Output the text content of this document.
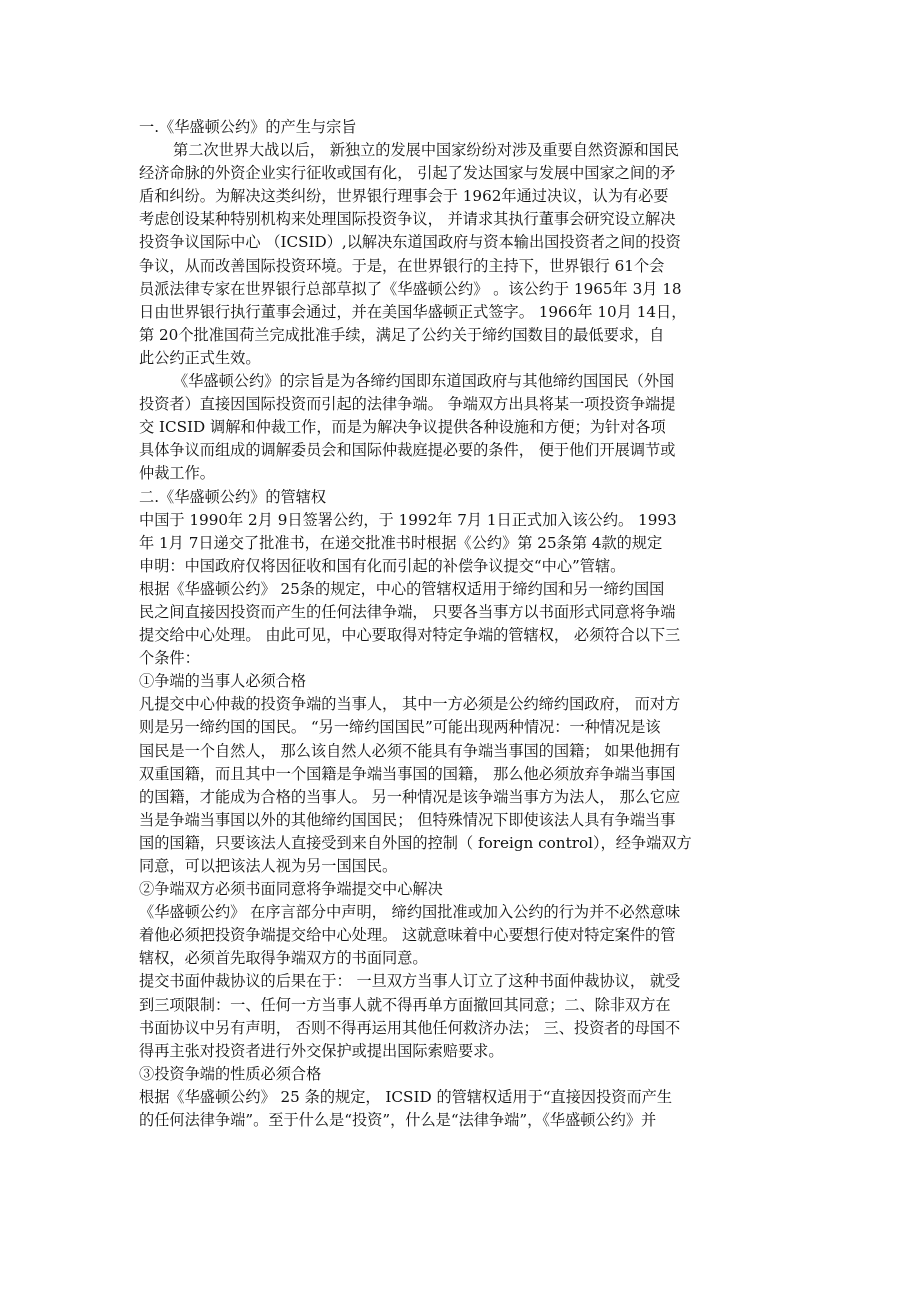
一.《华盛顿公约》的产生与宗旨
第二次世界大战以后， 新独立的发展中国家纷纷对涉及重要自然资源和国民
经济命脉的外资企业实行征收或国有化， 引起了发达国家与发展中国家之间的矛
盾和纠纷。为解决这类纠纷，世界银行理事会于 1962年通过决议，认为有必要
考虑创设某种特别机构来处理国际投资争议， 并请求其执行董事会研究设立解决
投资争议国际中心 （ICSID）,以解决东道国政府与资本输出国投资者之间的投资
争议，从而改善国际投资环境。于是，在世界银行的主持下，世界银行 61个会
员派法律专家在世界银行总部草拟了《华盛顿公约》 。该公约于 1965年 3月 18
日由世界银行执行董事会通过，并在美国华盛顿正式签字。 1966年 10月 14日，
第 20个批准国荷兰完成批准手续，满足了公约关于缔约国数目的最低要求，自
此公约正式生效。
《华盛顿公约》的宗旨是为各缔约国即东道国政府与其他缔约国国民（外国
投资者）直接因国际投资而引起的法律争端。 争端双方出具将某一项投资争端提
交 ICSID 调解和仲裁工作，而是为解决争议提供各种设施和方便；为针对各项
具体争议而组成的调解委员会和国际仲裁庭提必要的条件， 便于他们开展调节或
仲裁工作。
二.《华盛顿公约》的管辖权
中国于 1990年 2月 9日签署公约，于 1992年 7月 1日正式加入该公约。 1993
年 1月 7日递交了批准书，在递交批准书时根据《公约》第 25条第 4款的规定
申明：中国政府仅将因征收和国有化而引起的补偿争议提交“中心”管辖。
根据《华盛顿公约》 25条的规定，中心的管辖权适用于缔约国和另一缔约国国
民之间直接因投资而产生的任何法律争端， 只要各当事方以书面形式同意将争端
提交给中心处理。 由此可见，中心要取得对特定争端的管辖权， 必须符合以下三
个条件：
①争端的当事人必须合格
凡提交中心仲裁的投资争端的当事人， 其中一方必须是公约缔约国政府， 而对方
则是另一缔约国的国民。 “另一缔约国国民”可能出现两种情况：一种情况是该
国民是一个自然人， 那么该自然人必须不能具有争端当事国的国籍； 如果他拥有
双重国籍，而且其中一个国籍是争端当事国的国籍， 那么他必须放弃争端当事国
的国籍，才能成为合格的当事人。 另一种情况是该争端当事方为法人， 那么它应
当是争端当事国以外的其他缔约国国民； 但特殊情况下即使该法人具有争端当事
国的国籍，只要该法人直接受到来自外国的控制（ foreign control），经争端双方
同意，可以把该法人视为另一国国民。
②争端双方必须书面同意将争端提交中心解决
《华盛顿公约》 在序言部分中声明， 缔约国批准或加入公约的行为并不必然意味
着他必须把投资争端提交给中心处理。 这就意味着中心要想行使对特定案件的管
辖权，必须首先取得争端双方的书面同意。
提交书面仲裁协议的后果在于： 一旦双方当事人订立了这种书面仲裁协议， 就受
到三项限制：一、任何一方当事人就不得再单方面撤回其同意；二、除非双方在
书面协议中另有声明， 否则不得再运用其他任何救济办法； 三、投资者的母国不
得再主张对投资者进行外交保护或提出国际索赔要求。
③投资争端的性质必须合格
根据《华盛顿公约》 25 条的规定， ICSID 的管辖权适用于“直接因投资而产生
的任何法律争端”。至于什么是“投资”，什么是“法律争端”，《华盛顿公约》并
